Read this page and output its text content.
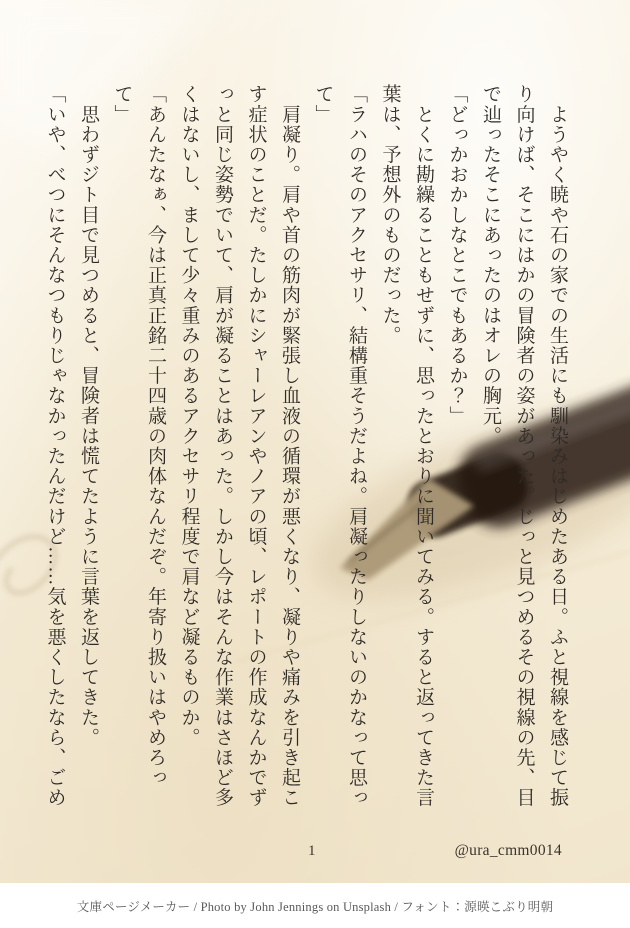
　ようやく暁や石の家での生活にも馴染みはじめたある日。ふと視線を感じて振

り向けば、そこにはかの冒険者の姿があった。じっと見つめるその視線の先、目

で辿ったそこにあったのはオレの胸元。

「どっかおかしなとこでもあるか？」

　とくに勘繰ることもせずに、思ったとおりに聞いてみる。すると返ってきた言

葉は、予想外のものだった。

「ラハのそのアクセサリ、結構重そうだよね。肩凝ったりしないのかなって思っ

て」

　肩凝り。肩や首の筋肉が緊張し血液の循環が悪くなり、凝りや痛みを引き起こ

す症状のことだ。たしかにシャーレアンやノアの頃、レポートの作成なんかでず

っと同じ姿勢でいて、肩が凝ることはあった。しかし今はそんな作業はさほど多

くはないし、まして少々重みのあるアクセサリ程度で肩など凝るものか。

「あんたなぁ、今は正真正銘二十四歳の肉体なんだぞ。年寄り扱いはやめろって」

　思わずジト目で見つめると、冒険者は慌てたように言葉を返してきた。

「いや、べつにそんなつもりじゃなかったんだけど……気を悪くしたなら、ごめ

1	@ura_cmm0014
文庫ページメーカー / Photo by John Jennings on Unsplash / フォント：源暎こぶり明朝
